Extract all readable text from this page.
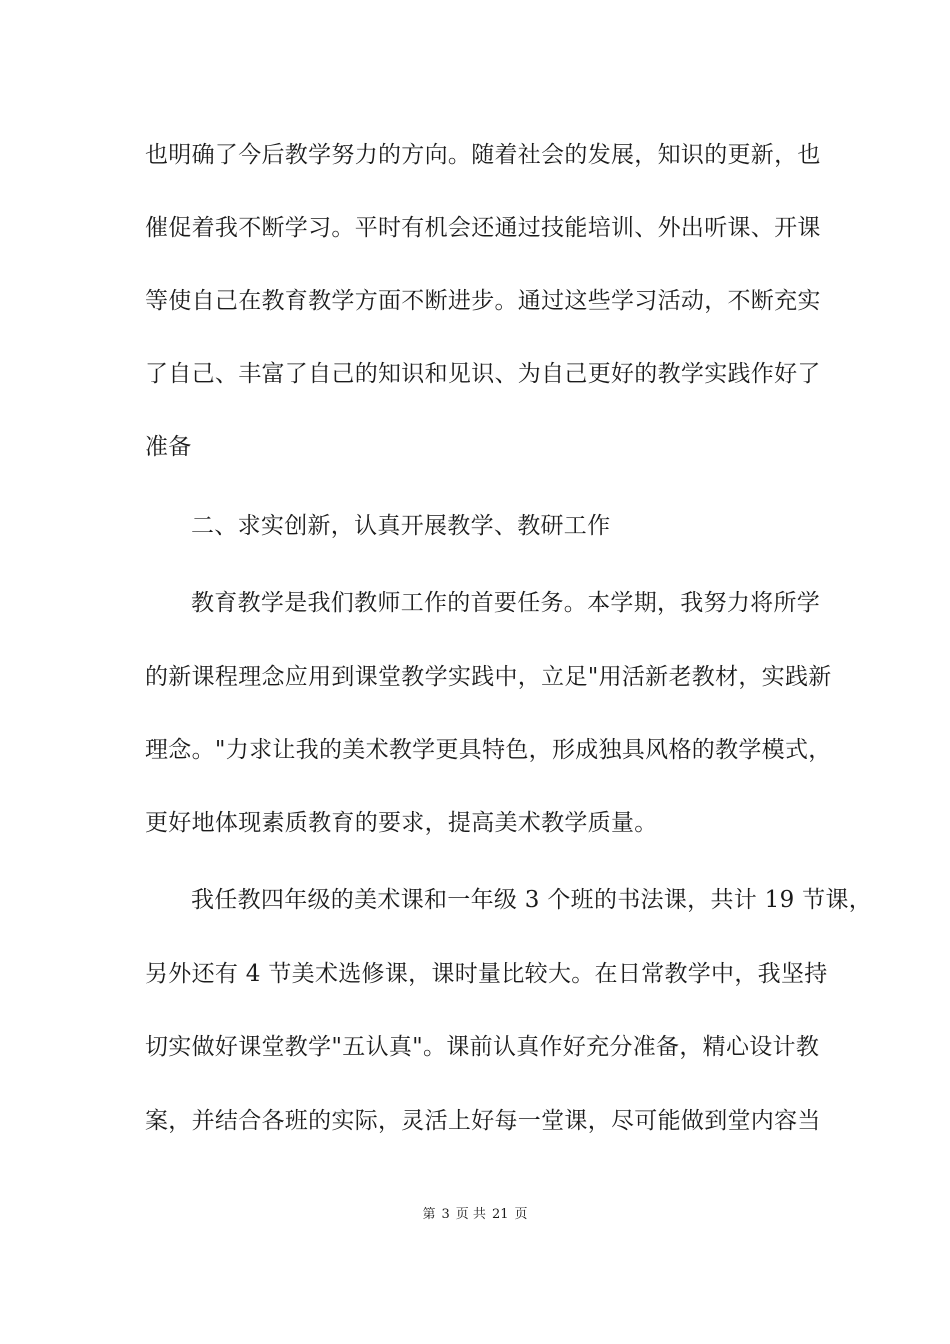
也明确了今后教学努力的方向。随着社会的发展，知识的更新，也
催促着我不断学习。平时有机会还通过技能培训、外出听课、开课
等使自己在教育教学方面不断进步。通过这些学习活动，不断充实
了自己、丰富了自己的知识和见识、为自己更好的教学实践作好了
准备
二、求实创新，认真开展教学、教研工作
教育教学是我们教师工作的首要任务。本学期，我努力将所学
的新课程理念应用到课堂教学实践中，立足"用活新老教材，实践新
理念。"力求让我的美术教学更具特色，形成独具风格的教学模式，
更好地体现素质教育的要求，提高美术教学质量。
我任教四年级的美术课和一年级 3 个班的书法课，共计 19 节课，
另外还有 4 节美术选修课，课时量比较大。在日常教学中，我坚持
切实做好课堂教学"五认真"。课前认真作好充分准备，精心设计教
案，并结合各班的实际，灵活上好每一堂课，尽可能做到堂内容当
第 3 页 共 21 页
